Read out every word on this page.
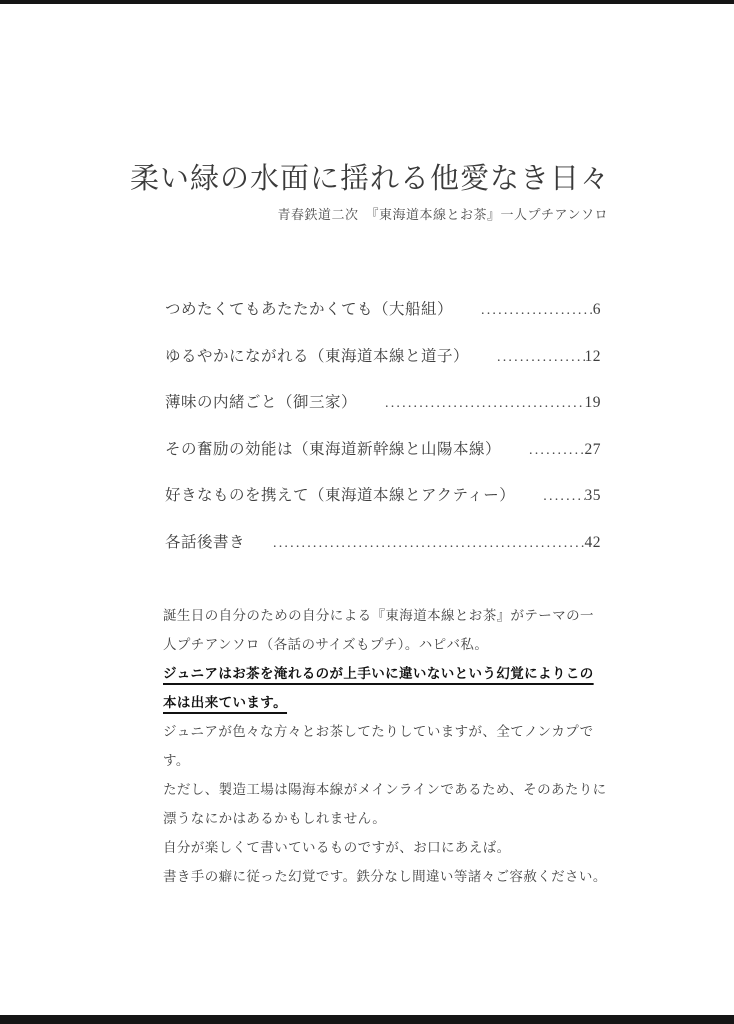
柔い緑の水面に揺れる他愛なき日々

青春鉄道二次　『東海道本線とお茶』一人プチアンソロ

つめたくてもあたたかくても（大船組） .....	6
ゆるやかにながれる（東海道本線と道子） .....	12
薄味の内緒ごと（御三家） .....	19
その奮励の効能は（東海道新幹線と山陽本線） .....	27
好きなものを携えて（東海道本線とアクティー） .....	35
各話後書き .....	42

誕生日の自分のための自分による『東海道本線とお茶』がテーマの一人プチアンソロ（各話のサイズもプチ）。ハピバ私。

ジュニアはお茶を淹れるのが上手いに違いないという幻覚によりこの本は出来ています。

ジュニアが色々な方々とお茶してたりしていますが、全てノンカプです。

ただし、製造工場は陽海本線がメインラインであるため、そのあたりに漂うなにかはあるかもしれません。

自分が楽しくて書いているものですが、お口にあえば。

書き手の癖に従った幻覚です。鉄分なし間違い等諸々ご容赦ください。
